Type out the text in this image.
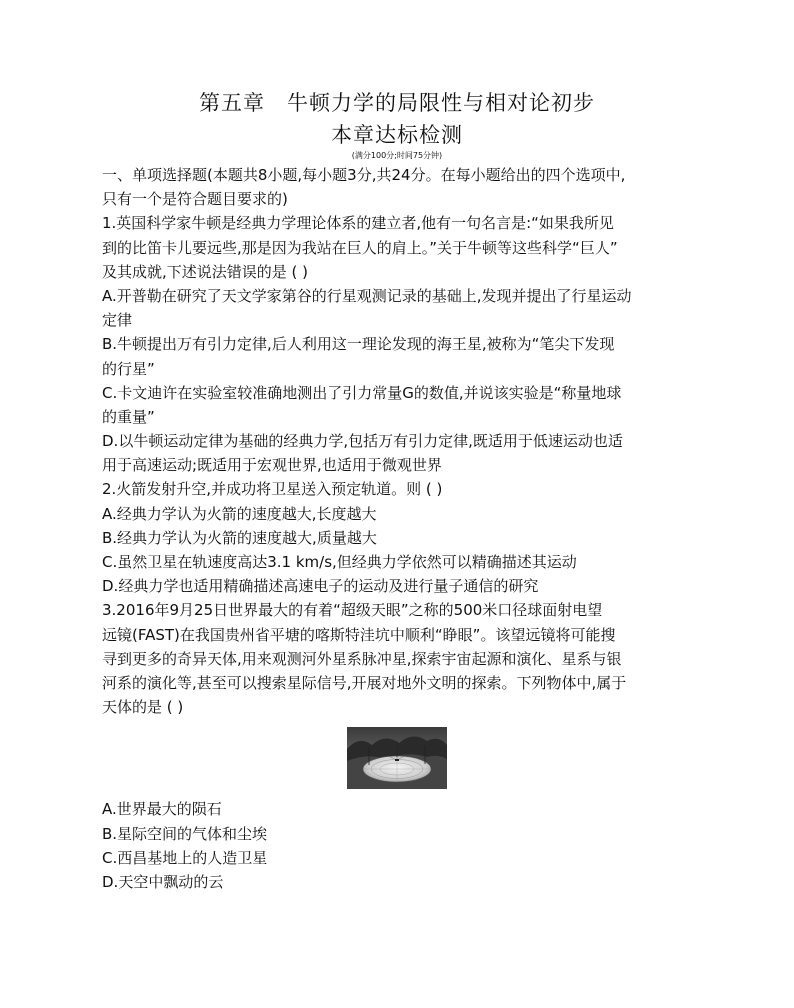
第五章 牛顿力学的局限性与相对论初步
本章达标检测
(满分100分;时间75分钟)
一、单项选择题(本题共8小题,每小题3分,共24分。在每小题给出的四个选项中,
只有一个是符合题目要求的)
1.英国科学家牛顿是经典力学理论体系的建立者,他有一句名言是:“如果我所见
到的比笛卡儿要远些,那是因为我站在巨人的肩上。”关于牛顿等这些科学“巨人”
及其成就,下述说法错误的是 ( )
A.开普勒在研究了天文学家第谷的行星观测记录的基础上,发现并提出了行星运动
定律
B.牛顿提出万有引力定律,后人利用这一理论发现的海王星,被称为“笔尖下发现
的行星”
C.卡文迪许在实验室较准确地测出了引力常量G的数值,并说该实验是“称量地球
的重量”
D.以牛顿运动定律为基础的经典力学,包括万有引力定律,既适用于低速运动也适
用于高速运动;既适用于宏观世界,也适用于微观世界
2.火箭发射升空,并成功将卫星送入预定轨道。则 ( )
A.经典力学认为火箭的速度越大,长度越大
B.经典力学认为火箭的速度越大,质量越大
C.虽然卫星在轨速度高达3.1 km/s,但经典力学依然可以精确描述其运动
D.经典力学也适用精确描述高速电子的运动及进行量子通信的研究
3.2016年9月25日世界最大的有着“超级天眼”之称的500米口径球面射电望
远镜(FAST)在我国贵州省平塘的喀斯特洼坑中顺利“睁眼”。该望远镜将可能搜
寻到更多的奇异天体,用来观测河外星系脉冲星,探索宇宙起源和演化、星系与银
河系的演化等,甚至可以搜索星际信号,开展对地外文明的探索。下列物体中,属于
天体的是 ( )
A.世界最大的陨石
B.星际空间的气体和尘埃
C.西昌基地上的人造卫星
D.天空中飘动的云
